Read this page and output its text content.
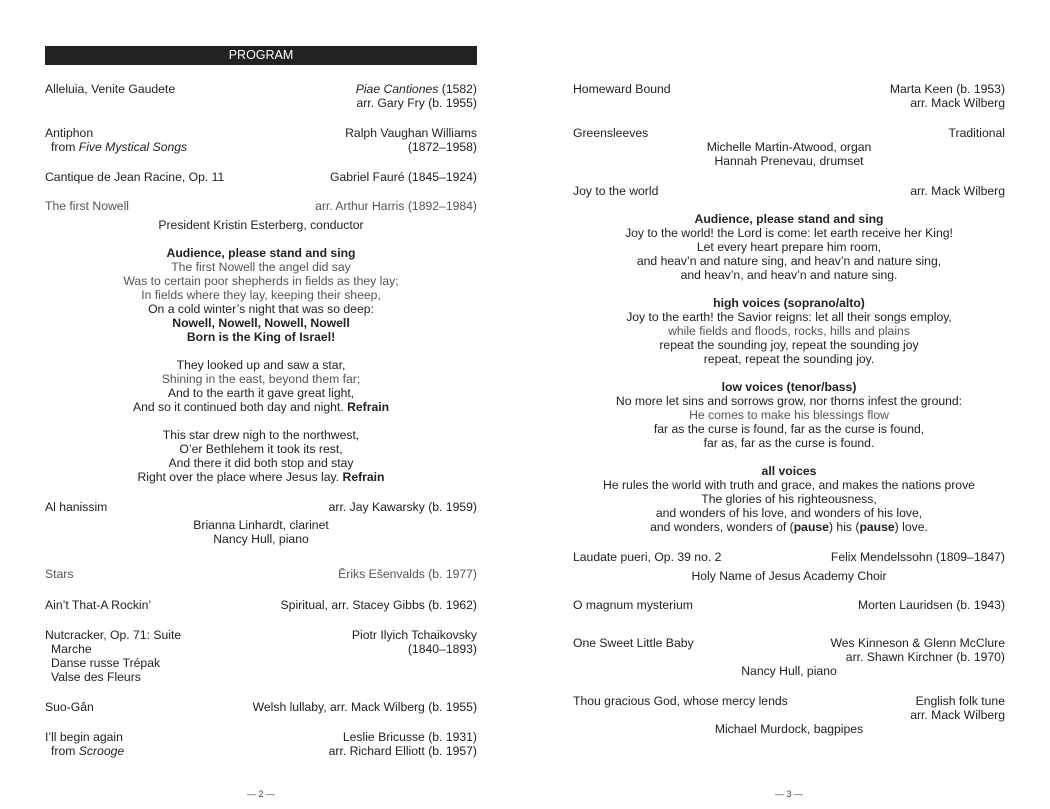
PROGRAM
Alleluia, Venite Gaudete	Piae Cantiones (1582)
arr. Gary Fry (b. 1955)
Antiphon	Ralph Vaughan Williams
from Five Mystical Songs	(1872–1958)
Cantique de Jean Racine, Op. 11	Gabriel Fauré (1845–1924)
The first Nowell	arr. Arthur Harris (1892–1984)
President Kristin Esterberg, conductor
Audience, please stand and sing
The first Nowell the angel did say
Was to certain poor shepherds in fields as they lay;
In fields where they lay, keeping their sheep,
On a cold winter’s night that was so deep:
Nowell, Nowell, Nowell, Nowell
Born is the King of Israel!
They looked up and saw a star,
Shining in the east, beyond them far;
And to the earth it gave great light,
And so it continued both day and night. Refrain
This star drew nigh to the northwest,
O’er Bethlehem it took its rest,
And there it did both stop and stay
Right over the place where Jesus lay. Refrain
Al hanissim	arr. Jay Kawarsky (b. 1959)
Brianna Linhardt, clarinet
Nancy Hull, piano
Stars	Ēriks Ešenvalds (b. 1977)
Ain’t That-A Rockin’	Spiritual, arr. Stacey Gibbs (b. 1962)
Nutcracker, Op. 71: Suite	Piotr Ilyich Tchaikovsky
Marche	(1840–1893)
Danse russe Trépak
Valse des Fleurs
Suo-Gân	Welsh lullaby, arr. Mack Wilberg (b. 1955)
I’ll begin again	Leslie Bricusse (b. 1931)
from Scrooge	arr. Richard Elliott (b. 1957)
— 2 —
Homeward Bound	Marta Keen (b. 1953)
arr. Mack Wilberg
Greensleeves	Traditional
Michelle Martin-Atwood, organ
Hannah Prenevau, drumset
Joy to the world	arr. Mack Wilberg
Audience, please stand and sing
Joy to the world! the Lord is come: let earth receive her King!
Let every heart prepare him room,
and heav’n and nature sing, and heav’n and nature sing,
and heav’n, and heav’n and nature sing.
high voices (soprano/alto)
Joy to the earth! the Savior reigns: let all their songs employ,
while fields and floods, rocks, hills and plains
repeat the sounding joy, repeat the sounding joy
repeat, repeat the sounding joy.
low voices (tenor/bass)
No more let sins and sorrows grow, nor thorns infest the ground:
He comes to make his blessings flow
far as the curse is found, far as the curse is found,
far as, far as the curse is found.
all voices
He rules the world with truth and grace, and makes the nations prove
The glories of his righteousness,
and wonders of his love, and wonders of his love,
and wonders, wonders of (pause) his (pause) love.
Laudate pueri, Op. 39 no. 2	Felix Mendelssohn (1809–1847)
Holy Name of Jesus Academy Choir
O magnum mysterium	Morten Lauridsen (b. 1943)
One Sweet Little Baby	Wes Kinneson & Glenn McClure
arr. Shawn Kirchner (b. 1970)
Nancy Hull, piano
Thou gracious God, whose mercy lends	English folk tune
arr. Mack Wilberg
Michael Murdock, bagpipes
— 3 —
